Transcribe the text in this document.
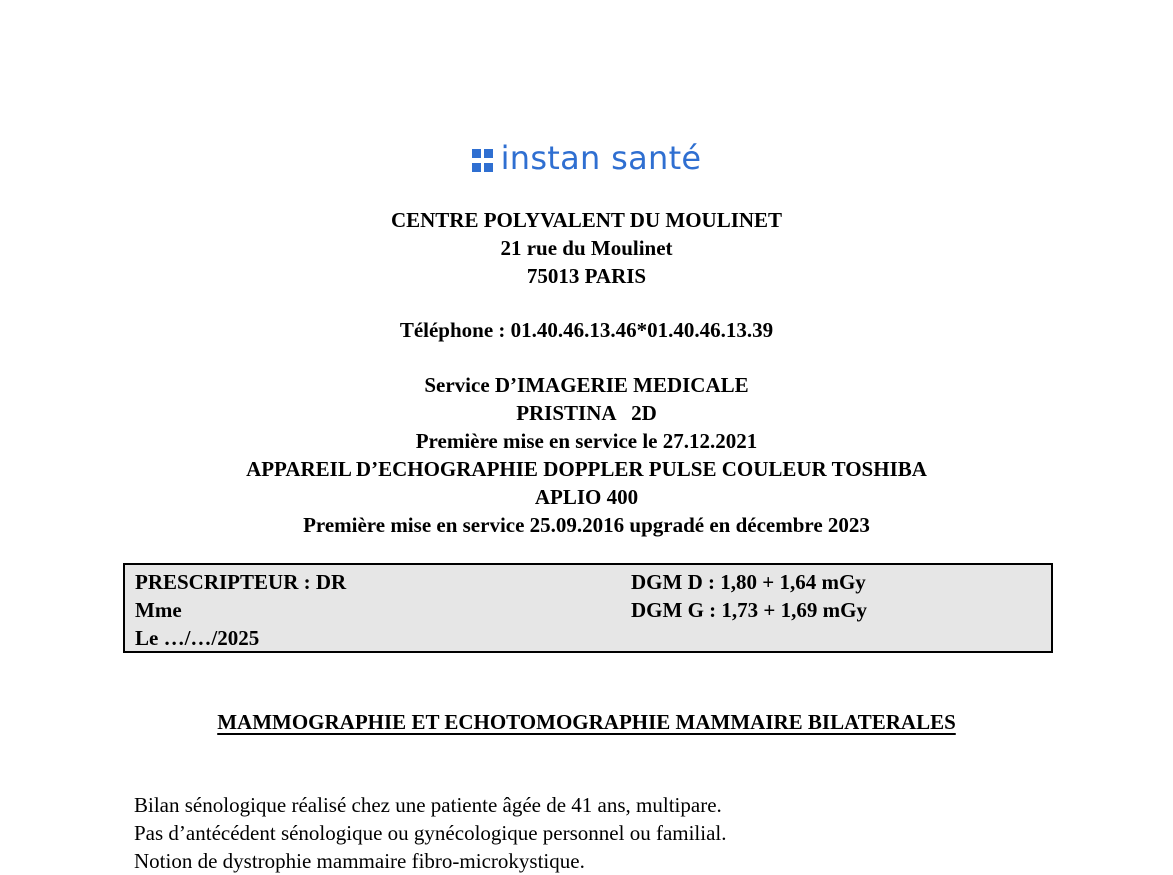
instan santé
CENTRE POLYVALENT DU MOULINET
21 rue du Moulinet
75013 PARIS
Téléphone : 01.40.46.13.46*01.40.46.13.39
Service D’IMAGERIE MEDICALE
PRISTINA   2D
Première mise en service le 27.12.2021
APPAREIL D’ECHOGRAPHIE DOPPLER PULSE COULEUR TOSHIBA
APLIO 400
Première mise en service 25.09.2016 upgradé en décembre 2023
PRESCRIPTEUR : DR
Mme
Le …/…/2025
DGM D : 1,80 + 1,64 mGy
DGM G : 1,73 + 1,69 mGy
MAMMOGRAPHIE ET ECHOTOMOGRAPHIE MAMMAIRE BILATERALES
Bilan sénologique réalisé chez une patiente âgée de 41 ans, multipare.
Pas d’antécédent sénologique ou gynécologique personnel ou familial.
Notion de dystrophie mammaire fibro-microkystique.
